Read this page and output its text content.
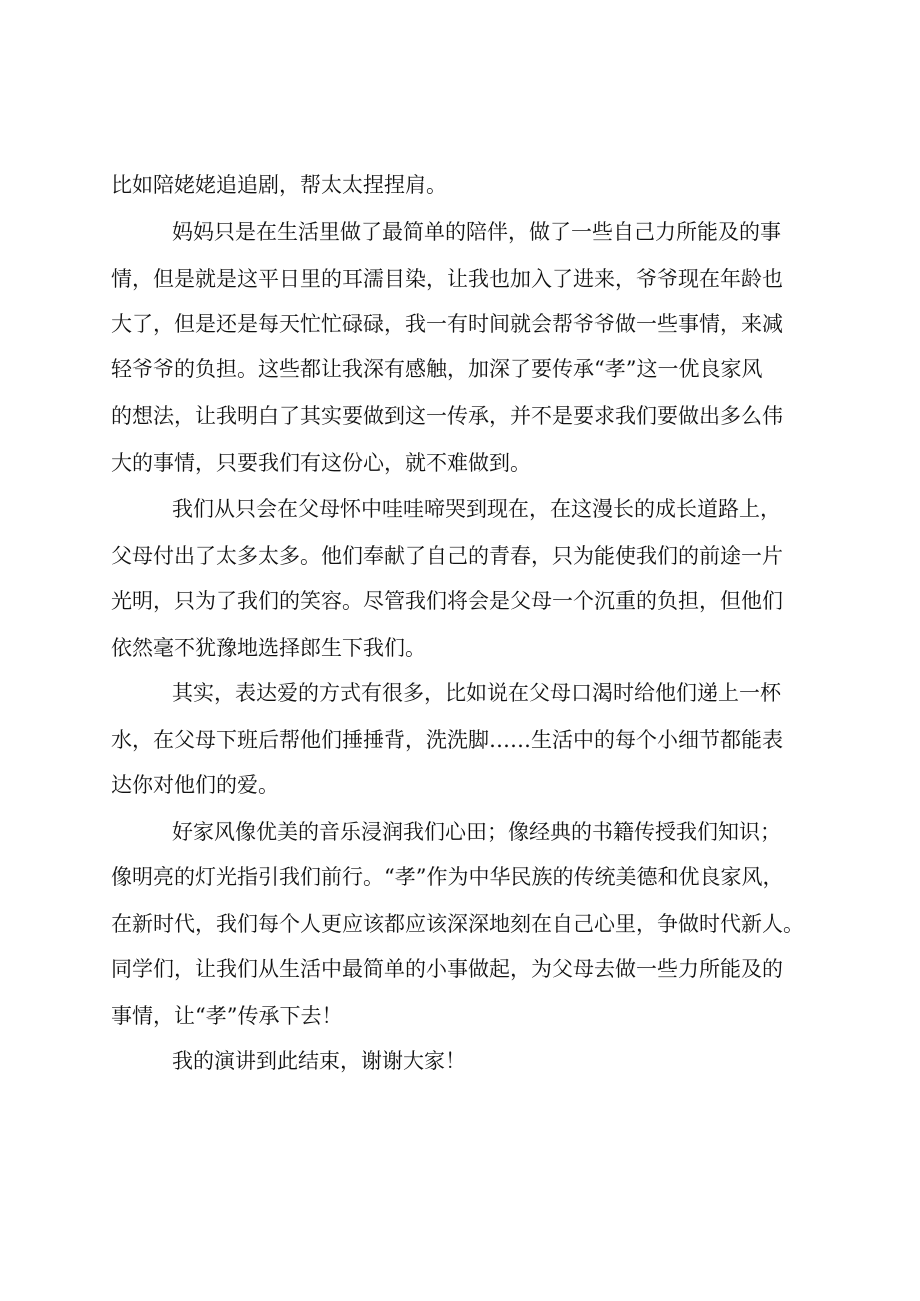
比如陪姥姥追追剧，帮太太捏捏肩。

妈妈只是在生活里做了最简单的陪伴，做了一些自己力所能及的事

情，但是就是这平日里的耳濡目染，让我也加入了进来，爷爷现在年龄也

大了，但是还是每天忙忙碌碌，我一有时间就会帮爷爷做一些事情，来减

轻爷爷的负担。这些都让我深有感触，加深了要传承“孝”这一优良家风

的想法，让我明白了其实要做到这一传承，并不是要求我们要做出多么伟

大的事情，只要我们有这份心，就不难做到。

我们从只会在父母怀中哇哇啼哭到现在，在这漫长的成长道路上，

父母付出了太多太多。他们奉献了自己的青春，只为能使我们的前途一片

光明，只为了我们的笑容。尽管我们将会是父母一个沉重的负担，但他们

依然毫不犹豫地选择郎生下我们。

其实，表达爱的方式有很多，比如说在父母口渴时给他们递上一杯

水，在父母下班后帮他们捶捶背，洗洗脚……生活中的每个小细节都能表

达你对他们的爱。

好家风像优美的音乐浸润我们心田；像经典的书籍传授我们知识；

像明亮的灯光指引我们前行。“孝”作为中华民族的传统美德和优良家风，

在新时代，我们每个人更应该都应该深深地刻在自己心里，争做时代新人。

同学们，让我们从生活中最简单的小事做起，为父母去做一些力所能及的

事情，让“孝”传承下去！

我的演讲到此结束，谢谢大家！
